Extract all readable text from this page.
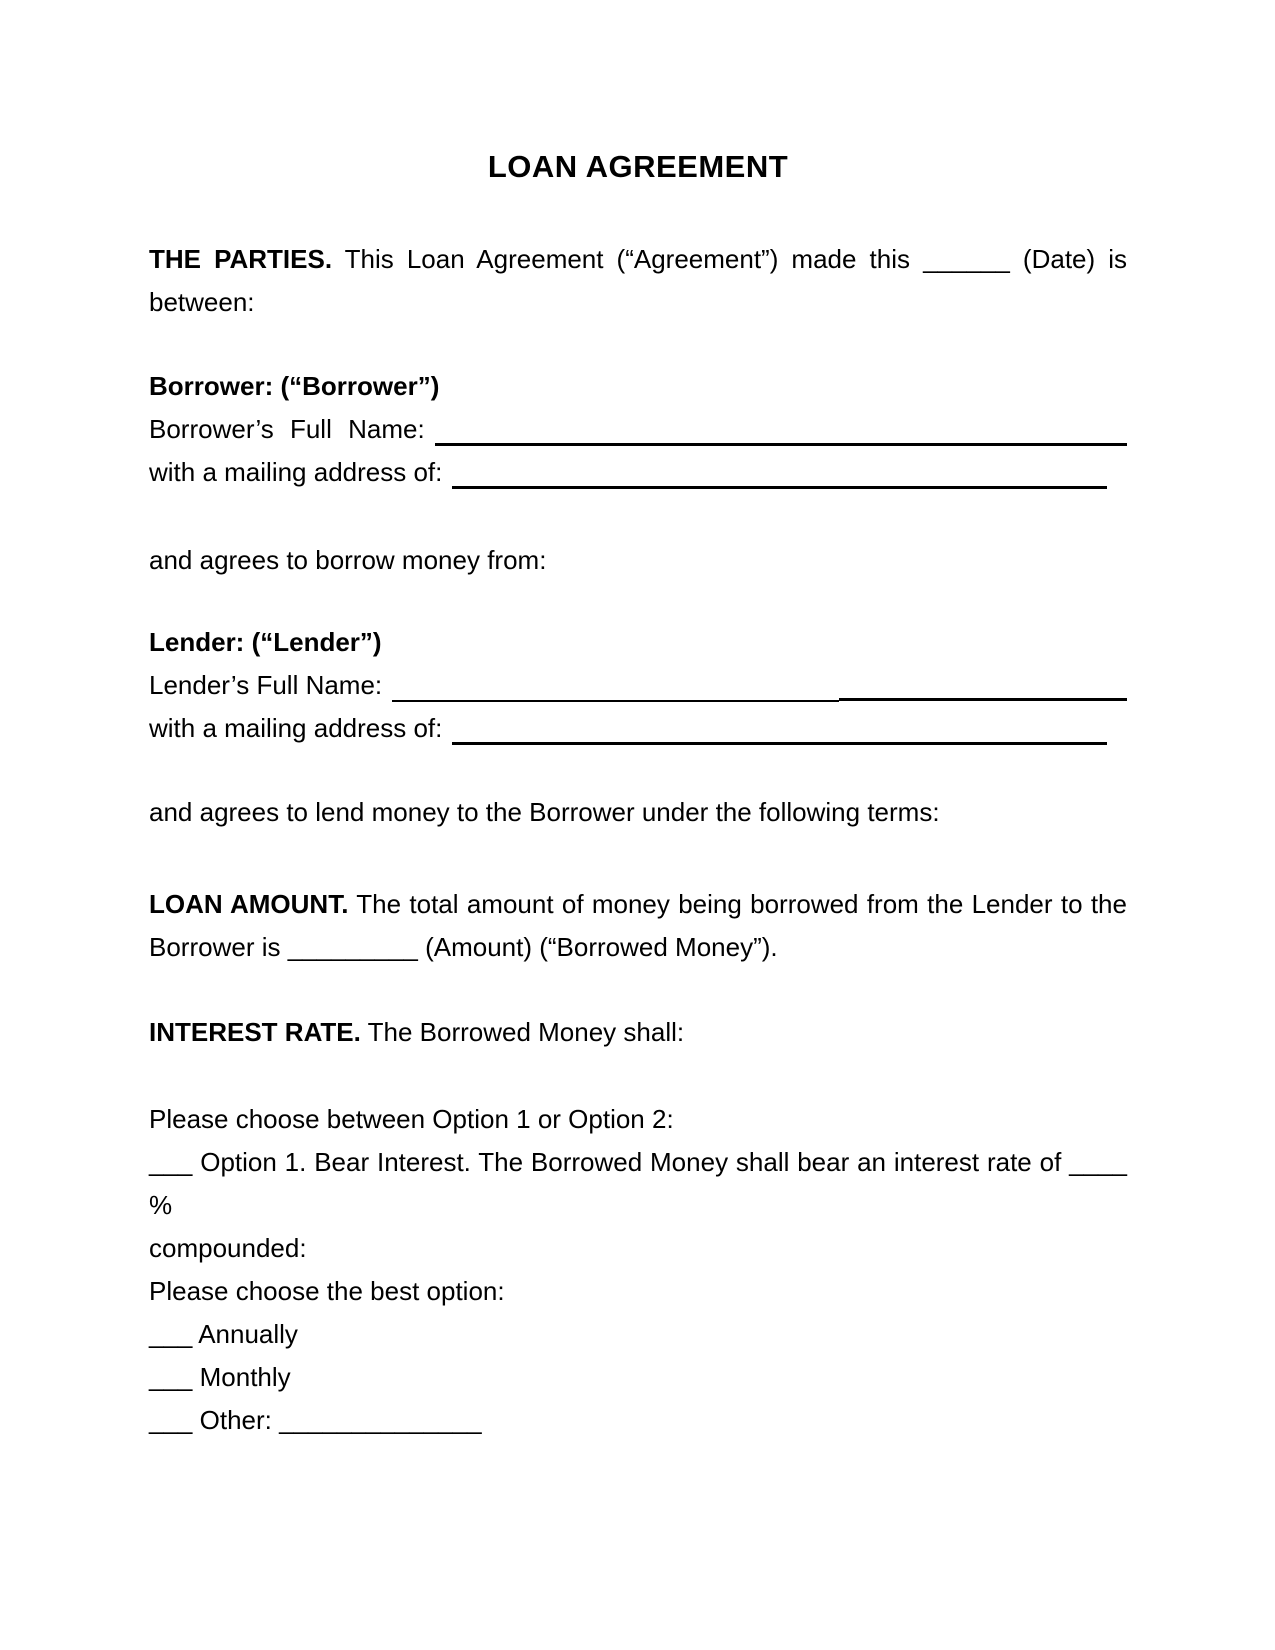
LOAN AGREEMENT
THE PARTIES. This Loan Agreement (“Agreement”) made this ______ (Date) is
between:
Borrower: (“Borrower”)
Borrower’s Full Name:
with a mailing address of:
and agrees to borrow money from:
Lender: (“Lender”)
Lender’s Full Name:
with a mailing address of:
and agrees to lend money to the Borrower under the following terms:
LOAN AMOUNT. The total amount of money being borrowed from the Lender to the
Borrower is _________ (Amount) (“Borrowed Money”).
INTEREST RATE. The Borrowed Money shall:
Please choose between Option 1 or Option 2:
___ Option 1. Bear Interest. The Borrowed Money shall bear an interest rate of ____ %
compounded:
Please choose the best option:
___ Annually
___ Monthly
___ Other: ______________
